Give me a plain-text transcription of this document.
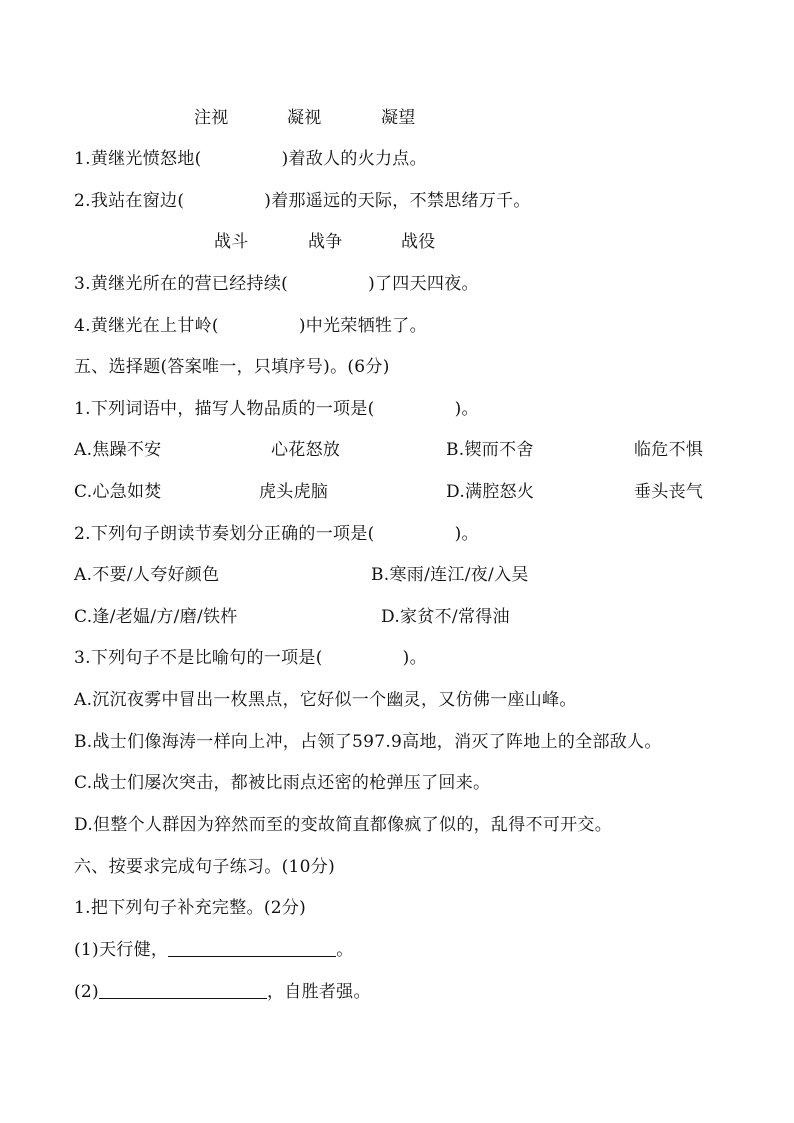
注视	凝视	凝望
1.黄继光愤怒地(	)着敌人的火力点。
2.我站在窗边(	)着那遥远的天际，不禁思绪万千。
战斗	战争	战役
3.黄继光所在的营已经持续(	)了四天四夜。
4.黄继光在上甘岭(	)中光荣牺牲了。
五、选择题(答案唯一，只填序号)。(6分)
1.下列词语中，描写人物品质的一项是(	)。
A.焦躁不安	心花怒放	B.锲而不舍	临危不惧
C.心急如焚	虎头虎脑	D.满腔怒火	垂头丧气
2.下列句子朗读节奏划分正确的一项是(	)。
A.不要/人夸好颜色	B.寒雨/连江/夜/入吴
C.逢/老媪/方/磨/铁杵	D.家贫不/常得油
3.下列句子不是比喻句的一项是(	)。
A.沉沉夜雾中冒出一枚黑点，它好似一个幽灵，又仿佛一座山峰。
B.战士们像海涛一样向上冲，占领了597.9高地，消灭了阵地上的全部敌人。
C.战士们屡次突击，都被比雨点还密的枪弹压了回来。
D.但整个人群因为猝然而至的变故简直都像疯了似的，乱得不可开交。
六、按要求完成句子练习。(10分)
1.把下列句子补充完整。(2分)
(1)天行健，	。
(2)	，自胜者强。
